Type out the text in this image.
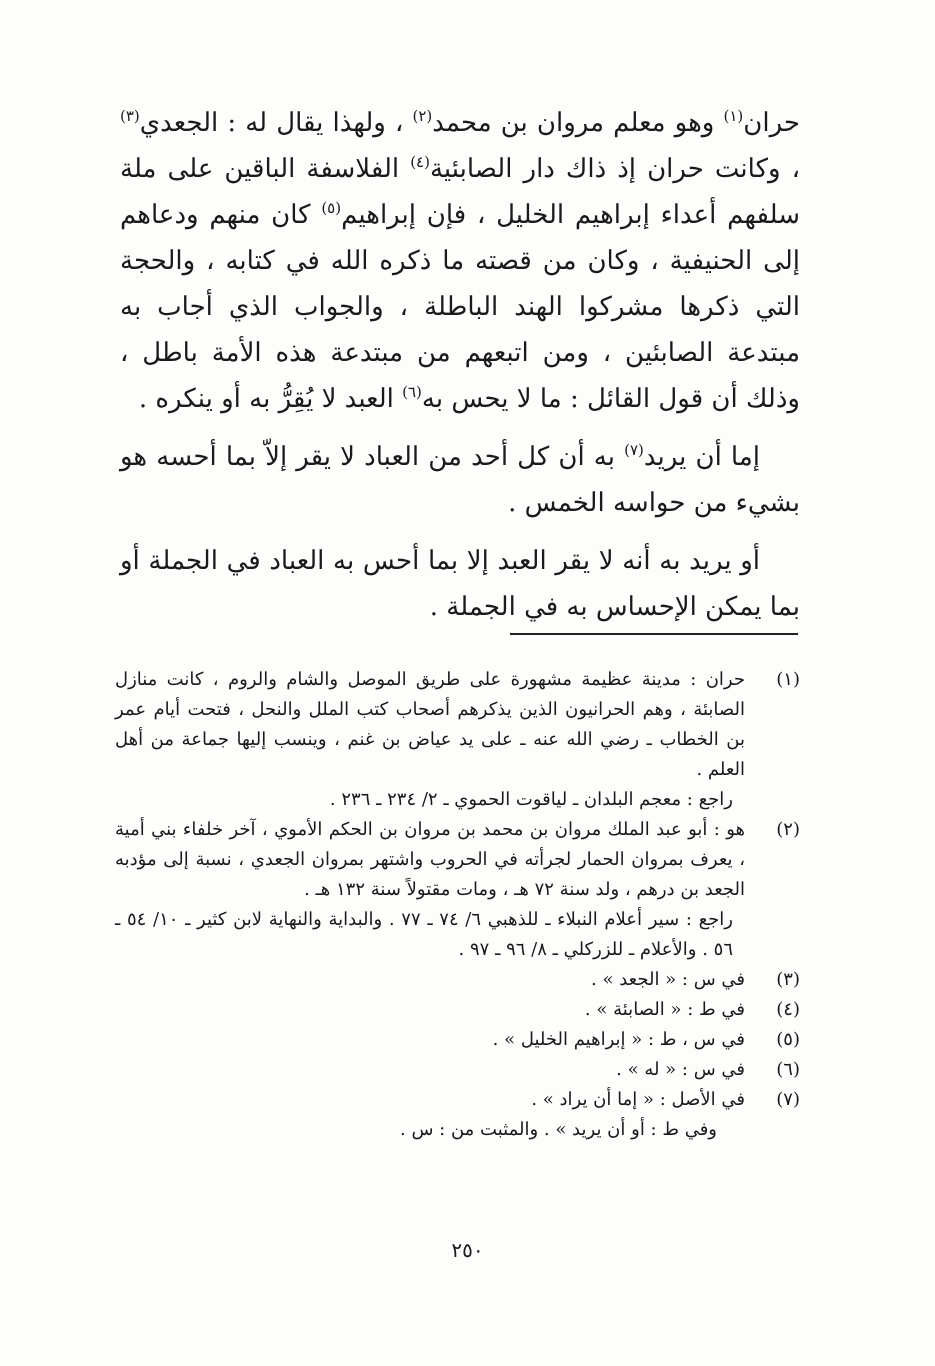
حران$^{(١)}$ وهو معلم مروان بن محمد$^{(٢)}$ ، ولهذا يقال له : الجعدي$^{(٣)}$ ، وكانت حران إذ ذاك دار الصابئية$^{(٤)}$ الفلاسفة الباقين على ملة سلفهم أعداء إبراهيم الخليل ، فإن إبراهيم$^{(٥)}$ كان منهم ودعاهم إلى الحنيفية ، وكان من قصته ما ذكره الله في كتابه ، والحجة التي ذكرها مشركوا الهند الباطلة ، والجواب الذي أجاب به مبتدعة الصابئين ، ومن اتبعهم من مبتدعة هذه الأمة باطل ، وذلك أن قول القائل : ما لا يحس به$^{(٦)}$ العبد لا يُقِرُّ به أو ينكره .

إما أن يريد$^{(٧)}$ به أن كل أحد من العباد لا يقر إلاّ بما أحسه هو بشيء من حواسه الخمس .

أو يريد به أنه لا يقر العبد إلا بما أحس به العباد في الجملة أو بما يمكن الإحساس به في الجملة .

(١)
حران : مدينة عظيمة مشهورة على طريق الموصل والشام والروم ، كانت منازل الصابئة ، وهم الحرانيون الذين يذكرهم أصحاب كتب الملل والنحل ، فتحت أيام عمر بن الخطاب ـ رضي الله عنه ـ على يد عياض بن غنم ، وينسب إليها جماعة من أهل العلم .
راجع : معجم البلدان ـ لياقوت الحموي ـ ٢/ ٢٣٤ ـ ٢٣٦ .
(٢)
هو : أبو عبد الملك مروان بن محمد بن مروان بن الحكم الأموي ، آخر خلفاء بني أمية ، يعرف بمروان الحمار لجرأته في الحروب واشتهر بمروان الجعدي ، نسبة إلى مؤدبه الجعد بن درهم ، ولد سنة ٧٢ هـ ، ومات مقتولاً سنة ١٣٢ هـ .
راجع : سير أعلام النبلاء ـ للذهبي ٦/ ٧٤ ـ ٧٧ . والبداية والنهاية لابن كثير ـ ١٠/ ٥٤ ـ ٥٦ . والأعلام ـ للزركلي ـ ٨/ ٩٦ ـ ٩٧ .
(٣)
في س : « الجعد » .
(٤)
في ط : « الصابئة » .
(٥)
في س ، ط : « إبراهيم الخليل » .
(٦)
في س : « له » .
(٧)
في الأصل : « إما أن يراد » .
وفي ط : أو أن يريد » . والمثبت من : س .
٢٥٠
